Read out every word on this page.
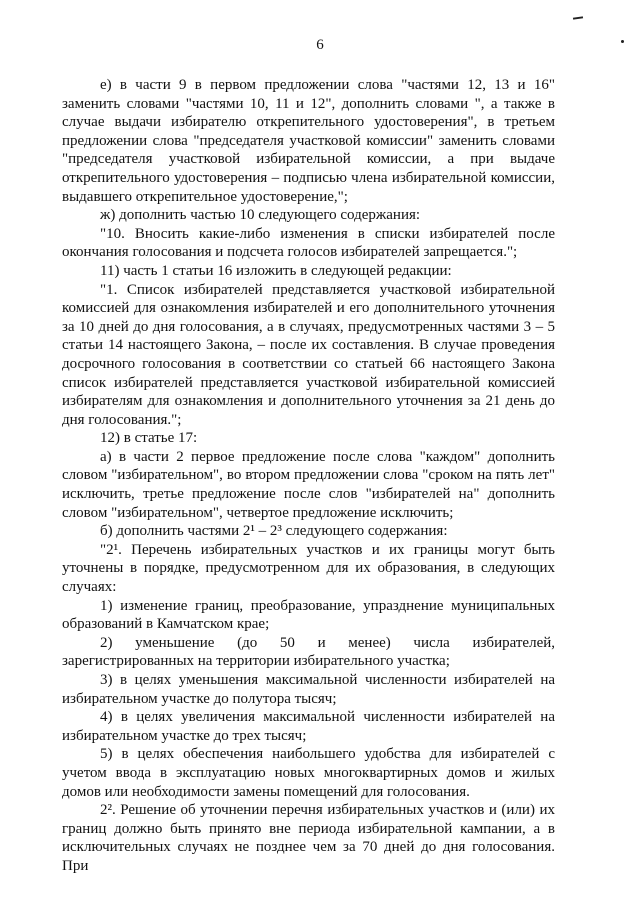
6

е) в части 9 в первом предложении слова "частями 12, 13 и 16" заменить словами "частями 10, 11 и 12", дополнить словами ", а также в случае выдачи избирателю открепительного удостоверения", в третьем предложении слова "председателя участковой комиссии" заменить словами "председателя участковой избирательной комиссии, а при выдаче открепительного удостоверения – подписью члена избирательной комиссии, выдавшего открепительное удостоверение,";

ж) дополнить частью 10 следующего содержания:

"10. Вносить какие-либо изменения в списки избирателей после окончания голосования и подсчета голосов избирателей запрещается.";

11) часть 1 статьи 16 изложить в следующей редакции:

"1. Список избирателей представляется участковой избирательной комиссией для ознакомления избирателей и его дополнительного уточнения за 10 дней до дня голосования, а в случаях, предусмотренных частями 3 – 5 статьи 14 настоящего Закона, – после их составления. В случае проведения досрочного голосования в соответствии со статьей 66 настоящего Закона список избирателей представляется участковой избирательной комиссией избирателям для ознакомления и дополнительного уточнения за 21 день до дня голосования.";

12) в статье 17:

а) в части 2 первое предложение после слова "каждом" дополнить словом "избирательном", во втором предложении слова "сроком на пять лет" исключить, третье предложение после слов "избирателей на" дополнить словом "избирательном", четвертое предложение исключить;

б) дополнить частями 2¹ – 2³ следующего содержания:

"2¹. Перечень избирательных участков и их границы могут быть уточнены в порядке, предусмотренном для их образования, в следующих случаях:

1) изменение границ, преобразование, упразднение муниципальных образований в Камчатском крае;

2) уменьшение (до 50 и менее) числа избирателей, зарегистрированных на территории избирательного участка;

3) в целях уменьшения максимальной численности избирателей на избирательном участке до полутора тысяч;

4) в целях увеличения максимальной численности избирателей на избирательном участке до трех тысяч;

5) в целях обеспечения наибольшего удобства для избирателей с учетом ввода в эксплуатацию новых многоквартирных домов и жилых домов или необходимости замены помещений для голосования.

2². Решение об уточнении перечня избирательных участков и (или) их границ должно быть принято вне периода избирательной кампании, а в исключительных случаях не позднее чем за 70 дней до дня голосования. При
